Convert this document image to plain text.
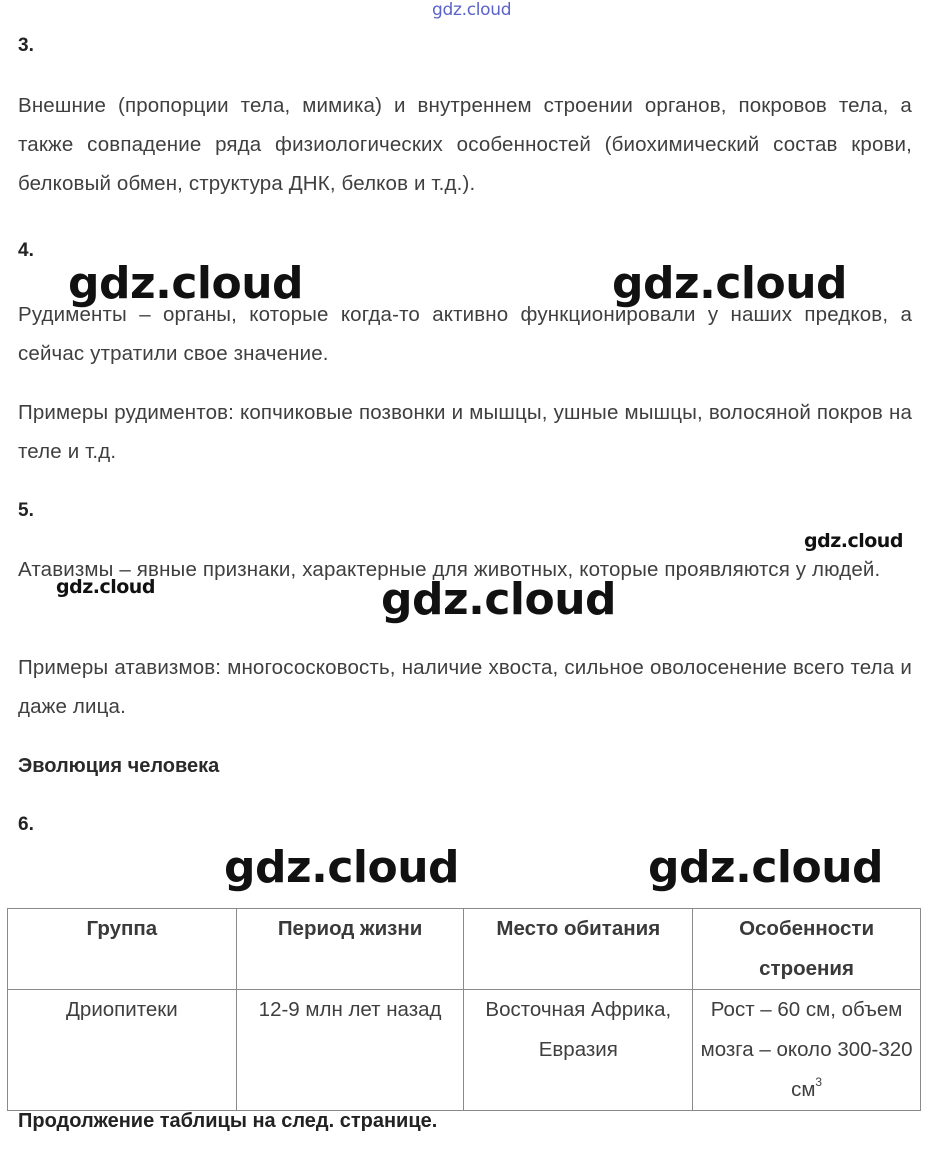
gdz.cloud
3.
Внешние (пропорции тела, мимика) и внутреннем строении органов, покровов тела, а также совпадение ряда физиологических особенностей (биохимический состав крови, белковый обмен, структура ДНК, белков и т.д.).
4.
Рудименты – органы, которые когда-то активно функционировали у наших предков, а сейчас утратили свое значение.
Примеры рудиментов: копчиковые позвонки и мышцы, ушные мышцы, волосяной покров на теле и т.д.
5.
Атавизмы – явные признаки, характерные для животных, которые проявляются у людей.
Примеры атавизмов: многососковость, наличие хвоста, сильное оволосенение всего тела и даже лица.
Эволюция человека
6.
Группа	Период жизни	Место обитания	Особенности строения
Дриопитеки	12-9 млн лет назад	Восточная Африка, Евразия	Рост – 60 см, объем мозга – около 300-320 $см^3$
Продолжение таблицы на след. странице.
gdz.cloud	gdz.cloud
gdz.cloud
gdz.cloud	gdz.cloud
gdz.cloud	gdz.cloud
